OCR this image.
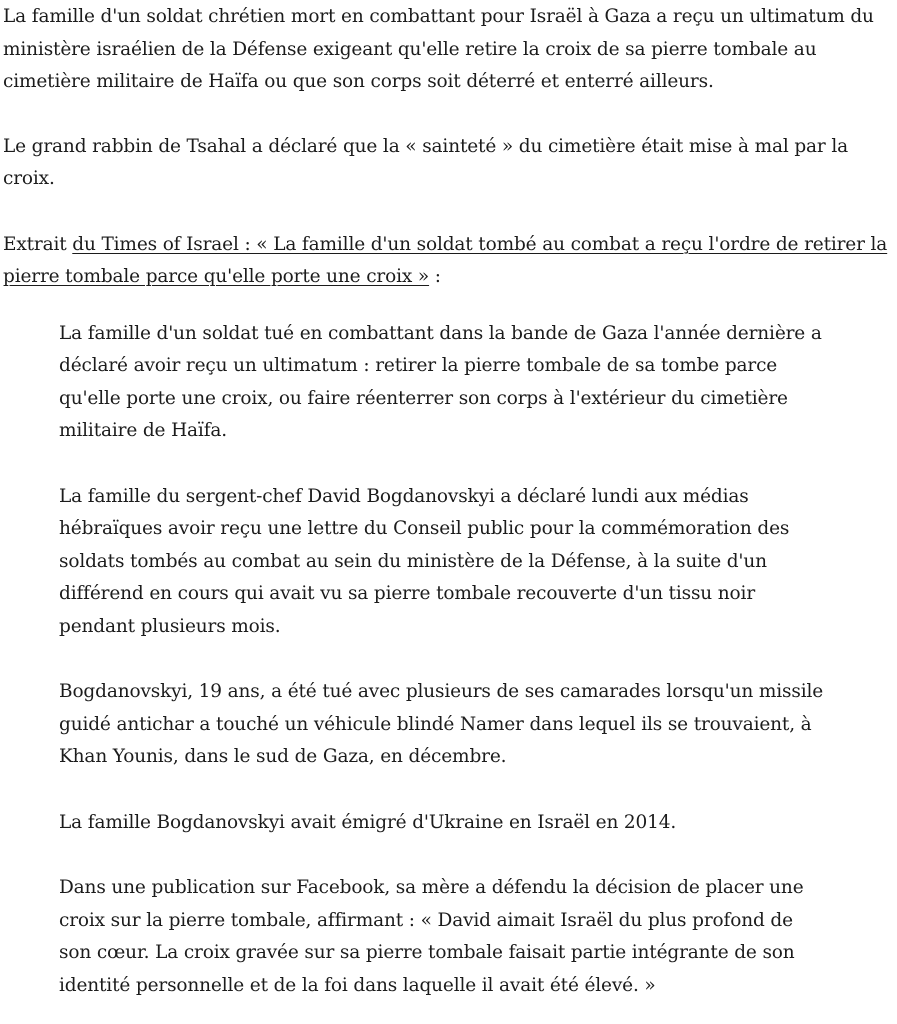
La famille d'un soldat chrétien mort en combattant pour Israël à Gaza a reçu un ultimatum du ministère israélien de la Défense exigeant qu'elle retire la croix de sa pierre tombale au cimetière militaire de Haïfa ou que son corps soit déterré et enterré ailleurs.

Le grand rabbin de Tsahal a déclaré que la « sainteté » du cimetière était mise à mal par la croix.

Extrait du Times of Israel : « La famille d'un soldat tombé au combat a reçu l'ordre de retirer la pierre tombale parce qu'elle porte une croix » :

La famille d'un soldat tué en combattant dans la bande de Gaza l'année dernière a déclaré avoir reçu un ultimatum : retirer la pierre tombale de sa tombe parce qu'elle porte une croix, ou faire réenterrer son corps à l'extérieur du cimetière militaire de Haïfa.

La famille du sergent-chef David Bogdanovskyi a déclaré lundi aux médias hébraïques avoir reçu une lettre du Conseil public pour la commémoration des soldats tombés au combat au sein du ministère de la Défense, à la suite d'un différend en cours qui avait vu sa pierre tombale recouverte d'un tissu noir pendant plusieurs mois.

Bogdanovskyi, 19 ans, a été tué avec plusieurs de ses camarades lorsqu'un missile guidé antichar a touché un véhicule blindé Namer dans lequel ils se trouvaient, à Khan Younis, dans le sud de Gaza, en décembre.

La famille Bogdanovskyi avait émigré d'Ukraine en Israël en 2014.

Dans une publication sur Facebook, sa mère a défendu la décision de placer une croix sur la pierre tombale, affirmant : « David aimait Israël du plus profond de son cœur. La croix gravée sur sa pierre tombale faisait partie intégrante de son identité personnelle et de la foi dans laquelle il avait été élevé. »
